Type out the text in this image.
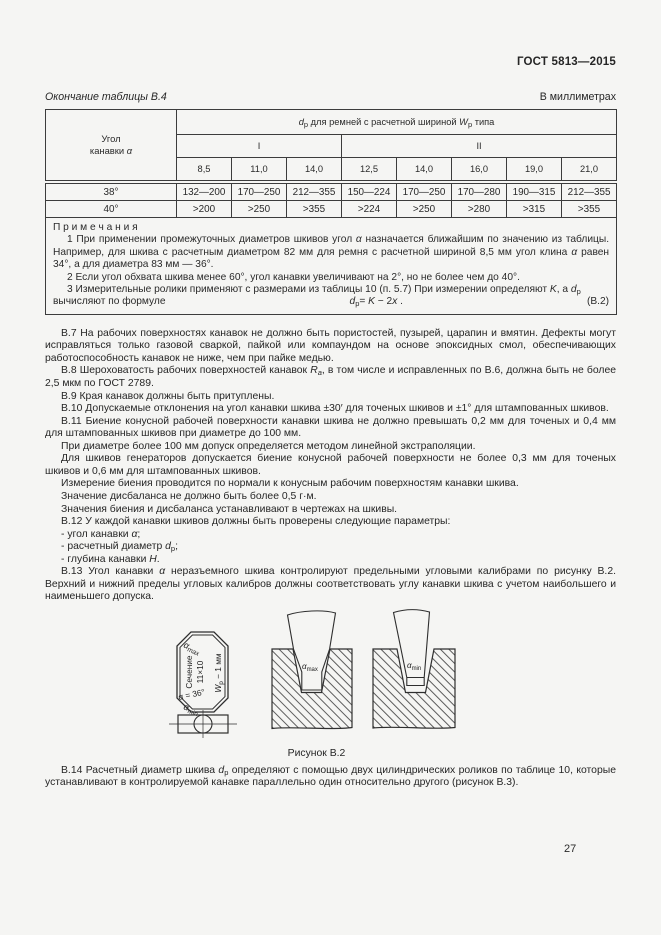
ГОСТ 5813—2015
Окончание таблицы В.4	В миллиметрах
Угол
канавки α	$d_р$ для ремней с расчетной шириной $W_р$ типа							
	I			II				
	8,5	11,0	14,0	12,5	14,0	16,0	19,0	21,0
38°	132—200	170—250	212—355	150—224	170—250	170—280	190—315	212—355
40°	>200	>250	>355	>224	>250	>280	>315	>355

П р и м е ч а н и я
1 При применении промежуточных диаметров шкивов угол α назначается ближайшим по значению из таблицы. Например, для шкива с расчетным диаметром 82 мм для ремня с расчетной шириной 8,5 мм угол клина α равен 34°, а для диаметра 83 мм — 36°.
2 Если угол обхвата шкива менее 60°, угол канавки увеличивают на 2°, но не более чем до 40°.
3 Измерительные ролики применяют с размерами из таблицы 10 (п. 5.7) При измерении определяют K, а $d_р$
вычисляют по формуле	$d_р= K - 2x$ .	(В.2)
В.7 На рабочих поверхностях канавок не должно быть пористостей, пузырей, царапин и вмятин. Дефекты могут исправляться только газовой сваркой, пайкой или компаундом на основе эпоксидных смол, обеспечивающих работоспособность канавок не ниже, чем при пайке медью.
В.8 Шероховатость рабочих поверхностей канавок $R_a$, в том числе и исправленных по В.6, должна быть не более 2,5 мкм по ГОСТ 2789.
В.9 Края канавок должны быть притуплены.
В.10 Допускаемые отклонения на угол канавки шкива ±30′ для точеных шкивов и ±1° для штампованных шкивов.
В.11 Биение конусной рабочей поверхности канавки шкива не должно превышать 0,2 мм для точеных и 0,4 мм для штампованных шкивов при диаметре до 100 мм.
При диаметре более 100 мм допуск определяется методом линейной экстраполяции.
Для шкивов генераторов допускается биение конусной рабочей поверхности не более 0,3 мм для точеных шкивов и 0,6 мм для штампованных шкивов.
Измерение биения проводится по нормали к конусным рабочим поверхностям канавки шкива.
Значение дисбаланса не должно быть более 0,5 г·м.
Значения биения и дисбаланса устанавливают в чертежах на шкивы.
В.12 У каждой канавки шкивов должны быть проверены следующие параметры:
- угол канавки α;
- расчетный диаметр $d_р$;
- глубина канавки Н.
В.13 Угол канавки α неразъемного шкива контролируют предельными угловыми калибрами по рисунку В.2. Верхний и нижний пределы угловых калибров должны соответствовать углу канавки шкива с учетом наибольшего и наименьшего допуска.
$\alpha_{max}$
Сечение 11×10
$W_р - 1$ мм
α = 36°
$\alpha_{min}$
$\alpha_{max}$	$\alpha_{min}$
Рисунок В.2
В.14 Расчетный диаметр шкива $d_р$ определяют с помощью двух цилиндрических роликов по таблице 10, которые устанавливают в контролируемой канавке параллельно один относительно другого (рисунок В.3).
27
